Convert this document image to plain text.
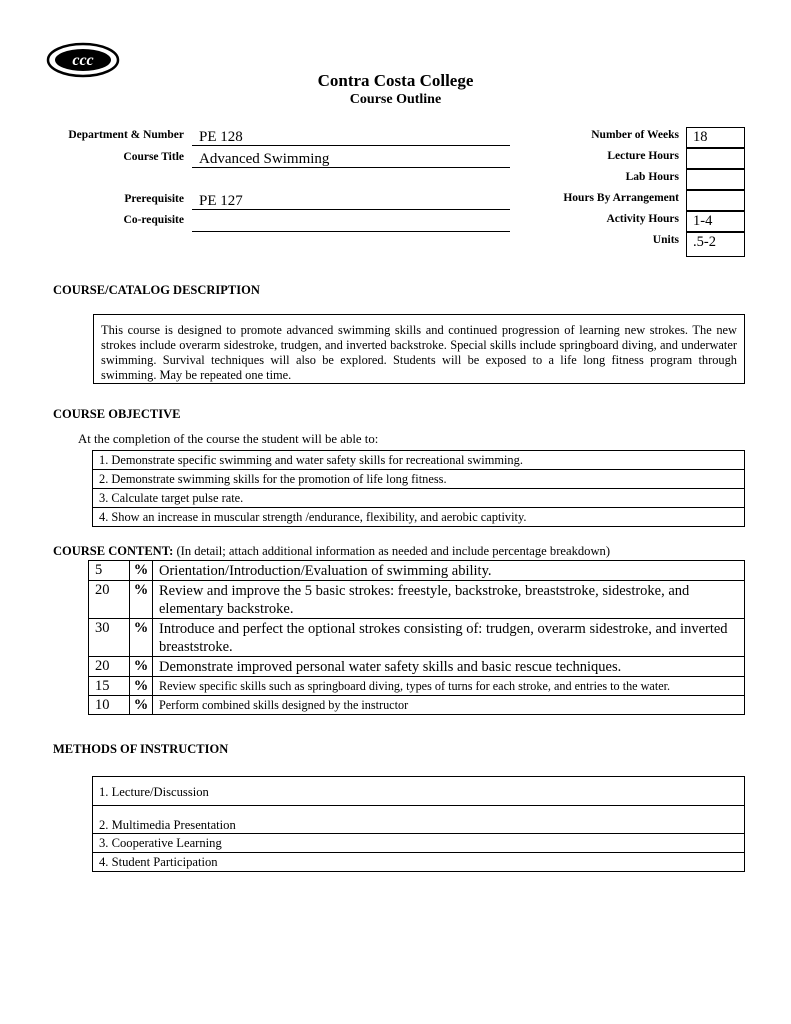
ccc
Contra Costa College
Course Outline
Department & Number	PE 128
Course Title	Advanced Swimming
Prerequisite	PE 127
Co-requisite
Number of Weeks 18
Lecture Hours
Lab Hours
Hours By Arrangement
Activity Hours 1-4
Units .5-2
COURSE/CATALOG DESCRIPTION
This course is designed to promote advanced swimming skills and continued progression of learning new strokes. The new strokes include overarm sidestroke, trudgen, and inverted backstroke. Special skills include springboard diving, and underwater swimming. Survival techniques will also be explored. Students will be exposed to a life long fitness program through swimming. May be repeated one time.
COURSE OBJECTIVE
At the completion of the course the student will be able to:
1. Demonstrate specific swimming and water safety skills for recreational swimming.
2. Demonstrate swimming skills for the promotion of life long fitness.
3. Calculate target pulse rate.
4. Show an increase in muscular strength /endurance, flexibility, and aerobic captivity.
COURSE CONTENT: (In detail; attach additional information as needed and include percentage breakdown)
5	%	Orientation/Introduction/Evaluation of swimming ability.
20	%	Review and improve the 5 basic strokes: freestyle, backstroke, breaststroke, sidestroke, and elementary backstroke.
30	%	Introduce and perfect the optional strokes consisting of: trudgen, overarm sidestroke, and inverted breaststroke.
20	%	Demonstrate improved personal water safety skills and basic rescue techniques.
15	%	Review specific skills such as springboard diving, types of turns for each stroke, and entries to the water.
10	%	Perform combined skills designed by the instructor
METHODS OF INSTRUCTION
1. Lecture/Discussion
2. Multimedia Presentation
3. Cooperative Learning
4. Student Participation
